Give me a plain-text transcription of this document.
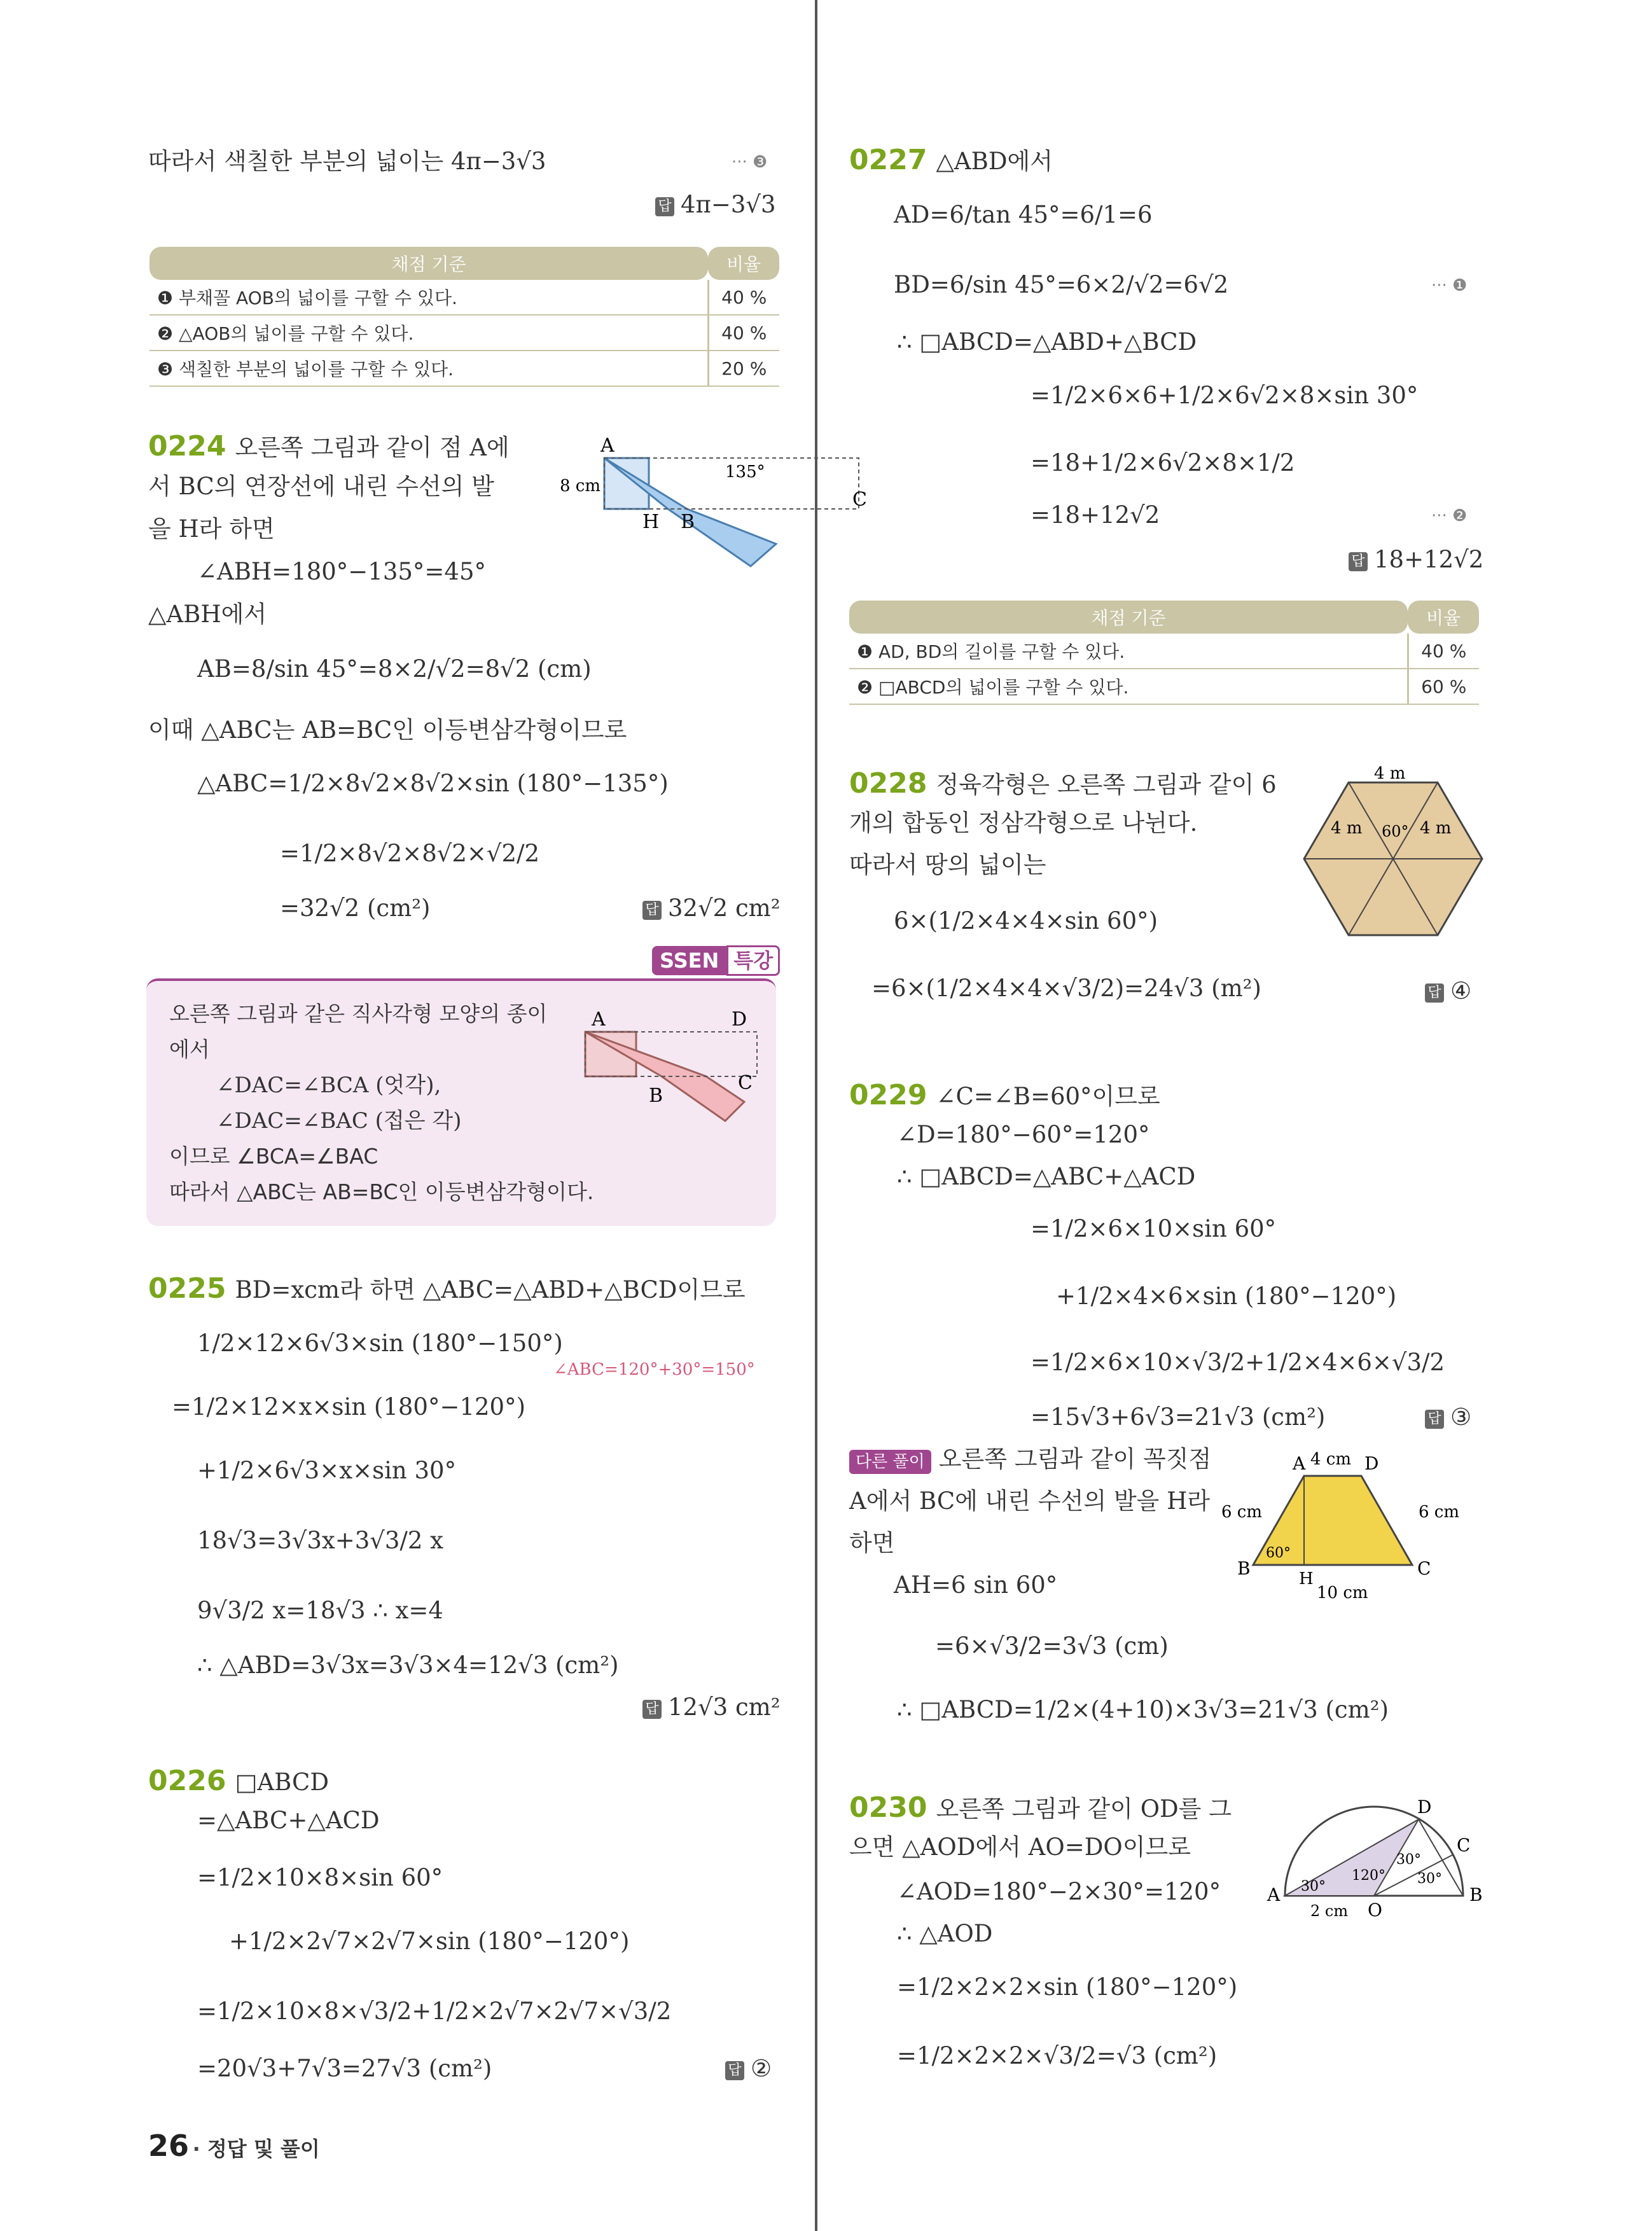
따라서 색칠한 부분의 넓이는 4π−3√3	··· ❸
답 4π−3√3
채점 기준	비율
❶ 부채꼴 AOB의 넓이를 구할 수 있다.	40 %
❷ △AOB의 넓이를 구할 수 있다.	40 %
❸ 색칠한 부분의 넓이를 구할 수 있다.	20 %
0224 오른쪽 그림과 같이 점 A에
서 BC의 연장선에 내린 수선의 발
을 H라 하면
∠ABH=180°−135°=45°
△ABH에서
AB=8/sin 45°=8×2/√2=8√2 (cm)
이때 △ABC는 AB=BC인 이등변삼각형이므로
△ABC=1/2×8√2×8√2×sin (180°−135°)
=1/2×8√2×8√2×√2/2
=32√2 (cm²)	답 32√2 cm²
A
8 cm
H B
C
135°
SSEN 특강
오른쪽 그림과 같은 직사각형 모양의 종이
에서
∠DAC=∠BCA (엇각),
∠DAC=∠BAC (접은 각)
이므로 ∠BCA=∠BAC
따라서 △ABC는 AB=BC인 이등변삼각형이다.
A	D
B
C
0225 BD=xcm라 하면 △ABC=△ABD+△BCD이므로
1/2×12×6√3×sin (180°−150°)
∠ABC=120°+30°=150°
=1/2×12×x×sin (180°−120°)
+1/2×6√3×x×sin 30°
18√3=3√3x+3√3/2 x
9√3/2 x=18√3 ∴ x=4
∴ △ABD=3√3x=3√3×4=12√3 (cm²)
답 12√3 cm²
0226 □ABCD
=△ABC+△ACD
=1/2×10×8×sin 60°
+1/2×2√7×2√7×sin (180°−120°)
=1/2×10×8×√3/2+1/2×2√7×2√7×√3/2
=20√3+7√3=27√3 (cm²)	답 ②
26 · 정답 및 풀이
0227 △ABD에서
AD=6/tan 45°=6/1=6
BD=6/sin 45°=6×2/√2=6√2	··· ❶
∴ □ABCD=△ABD+△BCD
=1/2×6×6+1/2×6√2×8×sin 30°
=18+1/2×6√2×8×1/2
=18+12√2	··· ❷
답 18+12√2
채점 기준	비율
❶ AD, BD의 길이를 구할 수 있다.	40 %
❷ □ABCD의 넓이를 구할 수 있다.	60 %
0228 정육각형은 오른쪽 그림과 같이 6
개의 합동인 정삼각형으로 나뉜다.
따라서 땅의 넓이는
6×(1/2×4×4×sin 60°)
=6×(1/2×4×4×√3/2)=24√3 (m²)	답 ④
4 m
4 m	4 m
60°
0229 ∠C=∠B=60°이므로
∠D=180°−60°=120°
∴ □ABCD=△ABC+△ACD
=1/2×6×10×sin 60°
+1/2×4×6×sin (180°−120°)
=1/2×6×10×√3/2+1/2×4×6×√3/2
=15√3+6√3=21√3 (cm²)	답 ③
다른 풀이 오른쪽 그림과 같이 꼭짓점
A에서 BC에 내린 수선의 발을 H라
하면
AH=6 sin 60°
=6×√3/2=3√3 (cm)
∴ □ABCD=1/2×(4+10)×3√3=21√3 (cm²)
A 4 cm D
6 cm	6 cm
B
60°
H	C
10 cm
0230 오른쪽 그림과 같이 OD를 그
으면 △AOD에서 AO=DO이므로
∠AOD=180°−2×30°=120°
∴ △AOD
=1/2×2×2×sin (180°−120°)
=1/2×2×2×√3/2=√3 (cm²)
A
O
B
C
D
2 cm
30°
120°
30°
30°
